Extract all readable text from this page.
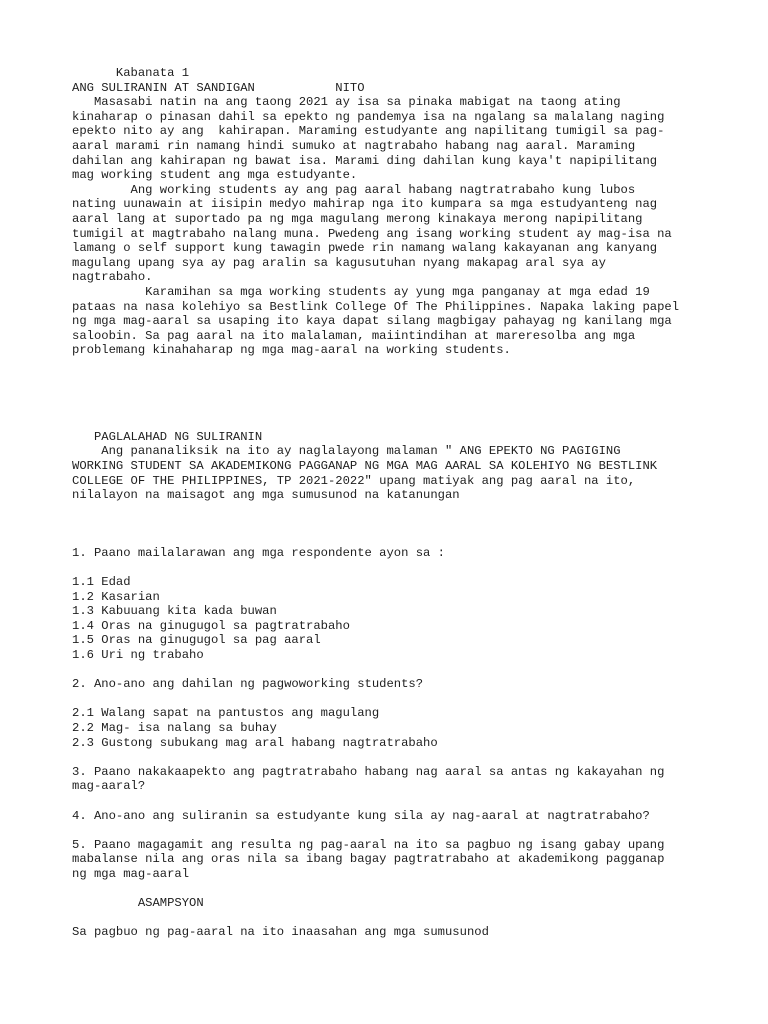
Kabanata 1
ANG SULIRANIN AT SANDIGAN           NITO
Masasabi natin na ang taong 2021 ay isa sa pinaka mabigat na taong ating
kinaharap o pinasan dahil sa epekto ng pandemya isa na ngalang sa malalang naging
epekto nito ay ang  kahirapan. Maraming estudyante ang napilitang tumigil sa pag-
aaral marami rin namang hindi sumuko at nagtrabaho habang nag aaral. Maraming
dahilan ang kahirapan ng bawat isa. Marami ding dahilan kung kaya't napipilitang
mag working student ang mga estudyante.
Ang working students ay ang pag aaral habang nagtratrabaho kung lubos
nating uunawain at iisipin medyo mahirap nga ito kumpara sa mga estudyanteng nag
aaral lang at suportado pa ng mga magulang merong kinakaya merong napipilitang
tumigil at magtrabaho nalang muna. Pwedeng ang isang working student ay mag-isa na
lamang o self support kung tawagin pwede rin namang walang kakayanan ang kanyang
magulang upang sya ay pag aralin sa kagusutuhan nyang makapag aral sya ay
nagtrabaho.
Karamihan sa mga working students ay yung mga panganay at mga edad 19
pataas na nasa kolehiyo sa Bestlink College Of The Philippines. Napaka laking papel
ng mga mag-aaral sa usaping ito kaya dapat silang magbigay pahayag ng kanilang mga
saloobin. Sa pag aaral na ito malalaman, maiintindihan at mareresolba ang mga
problemang kinahaharap ng mga mag-aaral na working students.
PAGLALAHAD NG SULIRANIN
Ang pananaliksik na ito ay naglalayong malaman " ANG EPEKTO NG PAGIGING
WORKING STUDENT SA AKADEMIKONG PAGGANAP NG MGA MAG AARAL SA KOLEHIYO NG BESTLINK
COLLEGE OF THE PHILIPPINES, TP 2021-2022" upang matiyak ang pag aaral na ito,
nilalayon na maisagot ang mga sumusunod na katanungan
1. Paano mailalarawan ang mga respondente ayon sa :
1.1 Edad
1.2 Kasarian
1.3 Kabuuang kita kada buwan
1.4 Oras na ginugugol sa pagtratrabaho
1.5 Oras na ginugugol sa pag aaral
1.6 Uri ng trabaho
2. Ano-ano ang dahilan ng pagwoworking students?
2.1 Walang sapat na pantustos ang magulang
2.2 Mag- isa nalang sa buhay
2.3 Gustong subukang mag aral habang nagtratrabaho
3. Paano nakakaapekto ang pagtratrabaho habang nag aaral sa antas ng kakayahan ng
mag-aaral?
4. Ano-ano ang suliranin sa estudyante kung sila ay nag-aaral at nagtratrabaho?
5. Paano magagamit ang resulta ng pag-aaral na ito sa pagbuo ng isang gabay upang
mabalanse nila ang oras nila sa ibang bagay pagtratrabaho at akademikong pagganap
ng mga mag-aaral
ASAMPSYON
Sa pagbuo ng pag-aaral na ito inaasahan ang mga sumusunod
